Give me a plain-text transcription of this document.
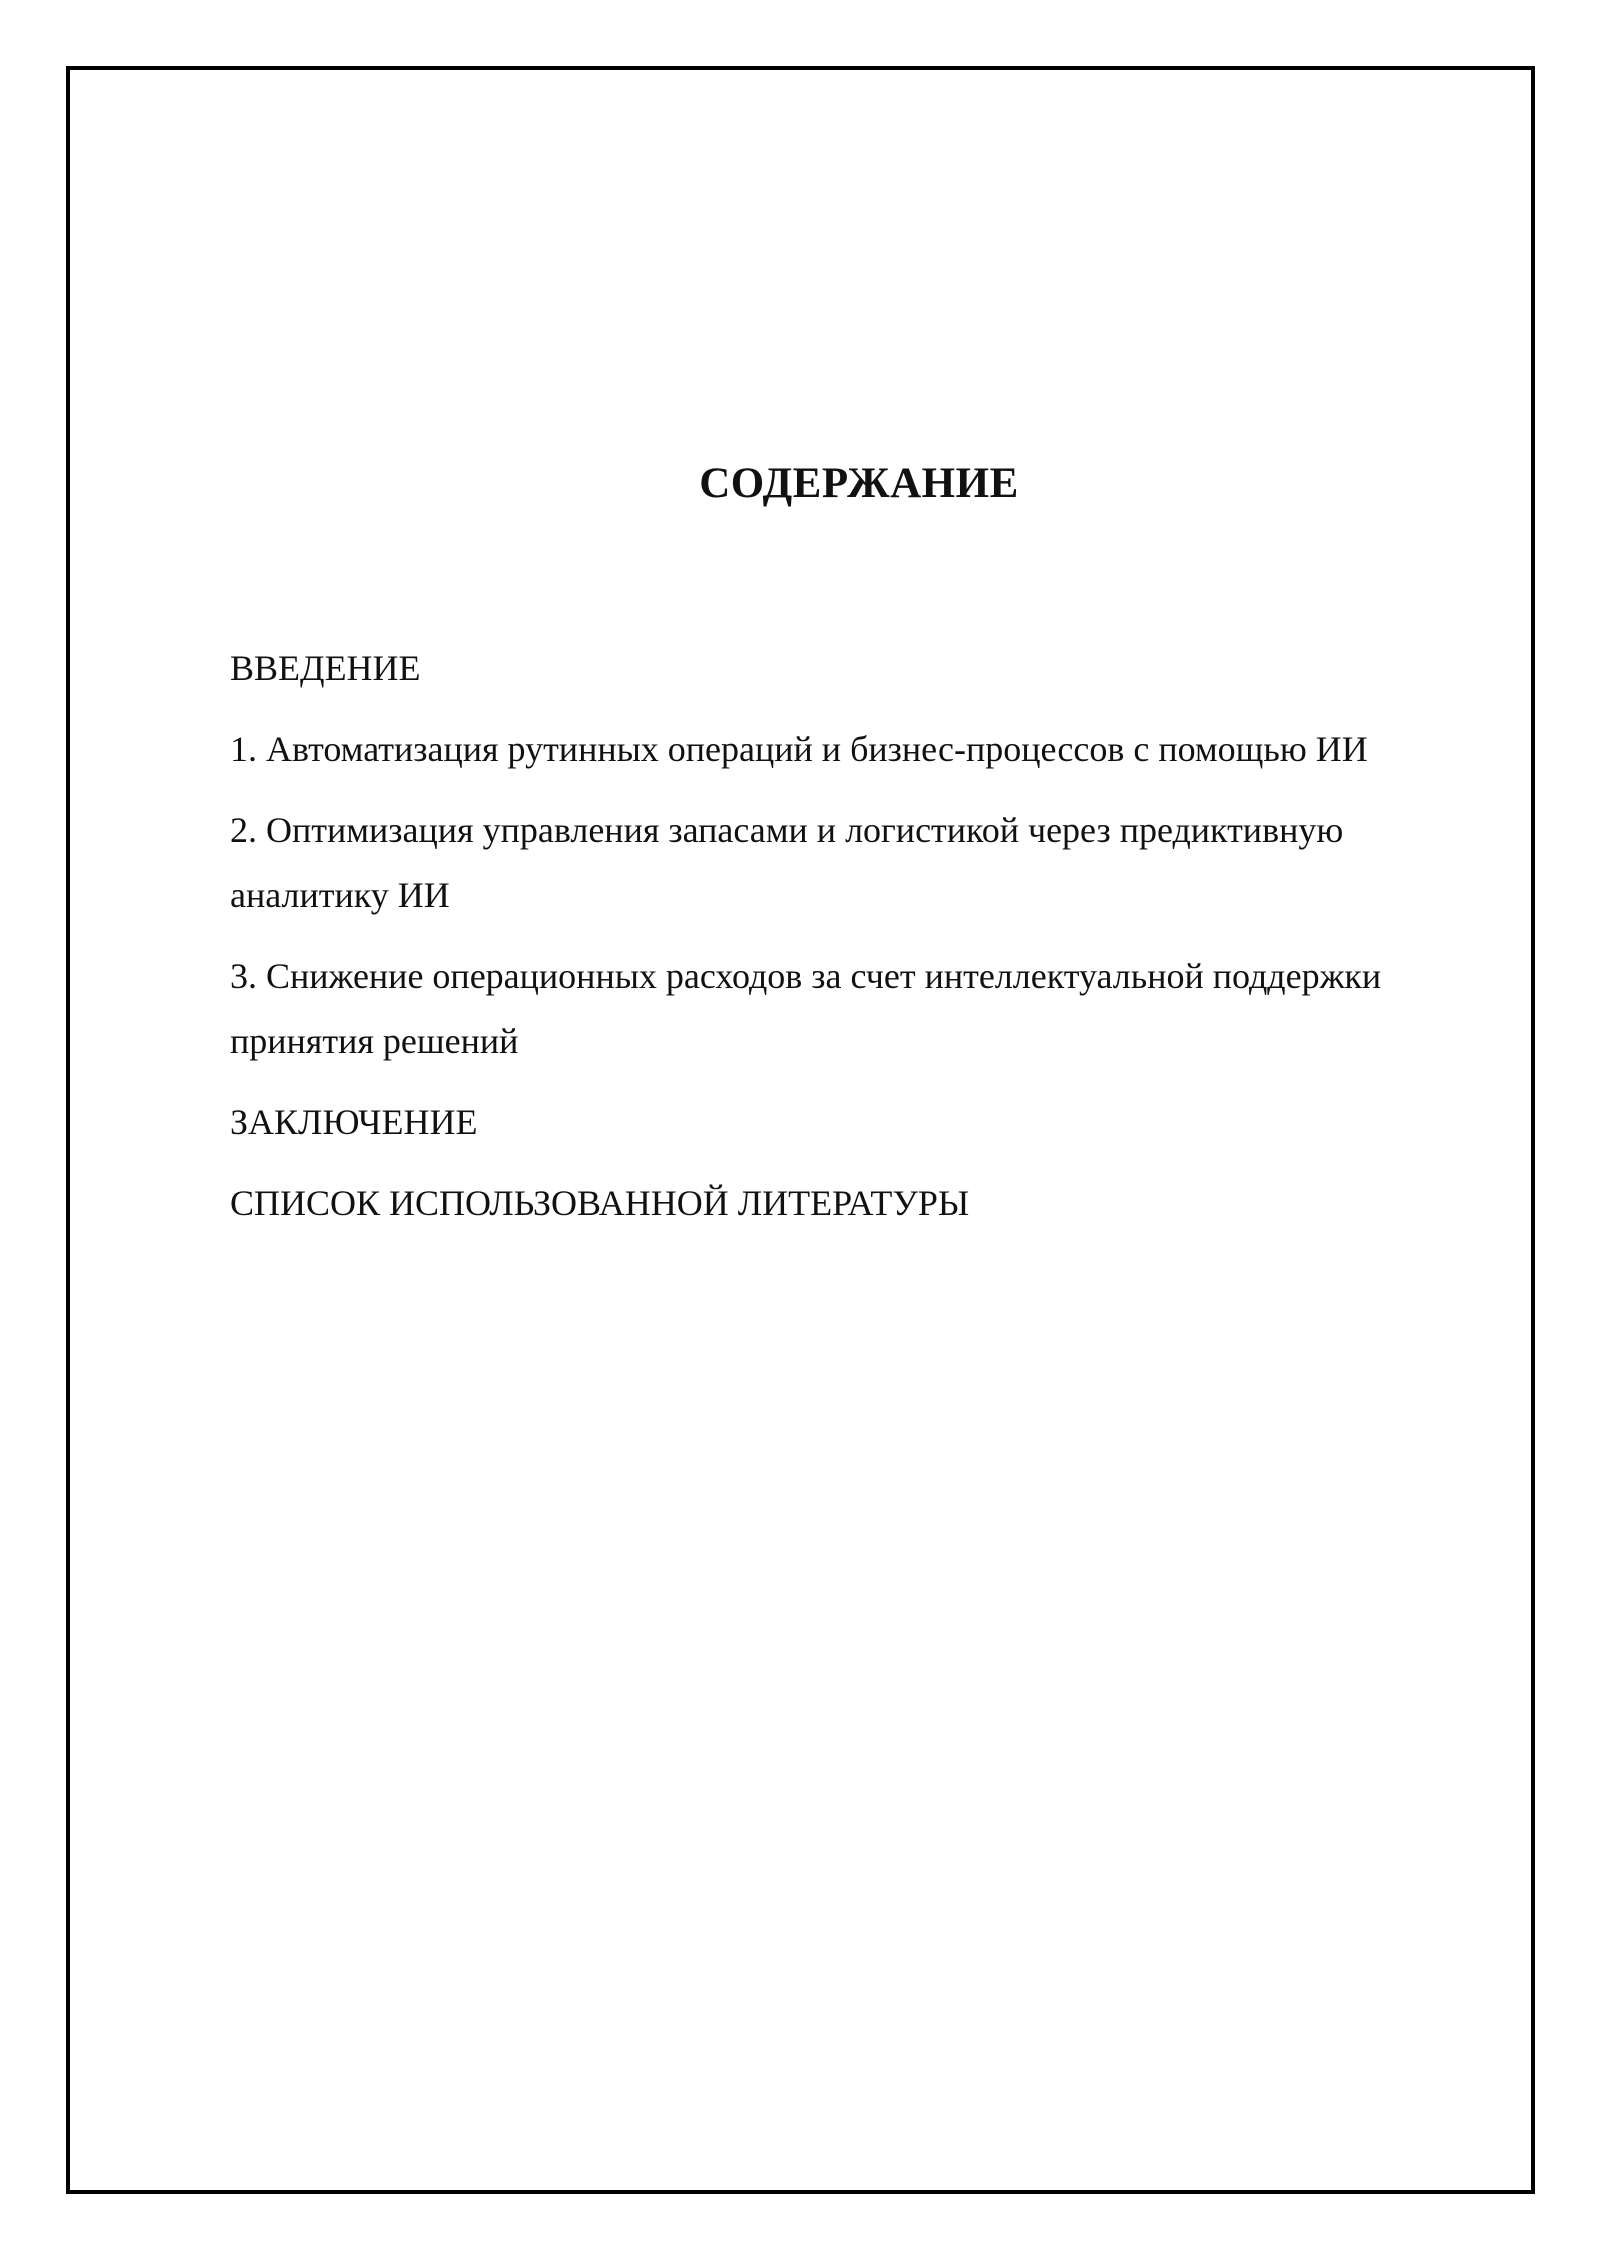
СОДЕРЖАНИЕ
ВВЕДЕНИЕ
1. Автоматизация рутинных операций и бизнес-процессов с помощью ИИ
2. Оптимизация управления запасами и логистикой через предиктивную аналитику ИИ
3. Снижение операционных расходов за счет интеллектуальной поддержки принятия решений
ЗАКЛЮЧЕНИЕ
СПИСОК ИСПОЛЬЗОВАННОЙ ЛИТЕРАТУРЫ
